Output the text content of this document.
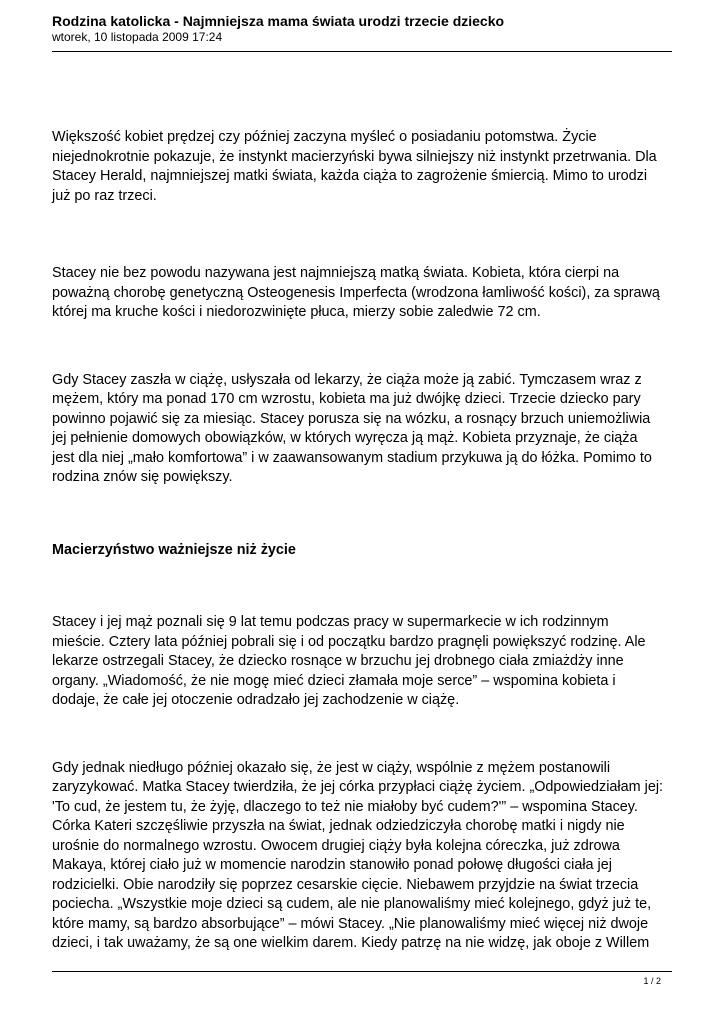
Rodzina katolicka - Najmniejsza mama świata urodzi trzecie dziecko

wtorek, 10 listopada 2009 17:24

Większość kobiet prędzej czy później zaczyna myśleć o posiadaniu potomstwa. Życie
niejednokrotnie pokazuje, że instynkt macierzyński bywa silniejszy niż instynkt przetrwania. Dla
Stacey Herald, najmniejszej matki świata, każda ciąża to zagrożenie śmiercią. Mimo to urodzi
już po raz trzeci.

Stacey nie bez powodu nazywana jest najmniejszą matką świata. Kobieta, która cierpi na
poważną chorobę genetyczną Osteogenesis Imperfecta (wrodzona łamliwość kości), za sprawą
której ma kruche kości i niedorozwinięte płuca, mierzy sobie zaledwie 72 cm.

Gdy Stacey zaszła w ciążę, usłyszała od lekarzy, że ciąża może ją zabić. Tymczasem wraz z
mężem, który ma ponad 170 cm wzrostu, kobieta ma już dwójkę dzieci. Trzecie dziecko pary
powinno pojawić się za miesiąc. Stacey porusza się na wózku, a rosnący brzuch uniemożliwia
jej pełnienie domowych obowiązków, w których wyręcza ją mąż. Kobieta przyznaje, że ciąża
jest dla niej „mało komfortowa” i w zaawansowanym stadium przykuwa ją do łóżka. Pomimo to
rodzina znów się powiększy.

Macierzyństwo ważniejsze niż życie

Stacey i jej mąż poznali się 9 lat temu podczas pracy w supermarkecie w ich rodzinnym
mieście. Cztery lata później pobrali się i od początku bardzo pragnęli powiększyć rodzinę. Ale
lekarze ostrzegali Stacey, że dziecko rosnące w brzuchu jej drobnego ciała zmiażdży inne
organy. „Wiadomość, że nie mogę mieć dzieci złamała moje serce” – wspomina kobieta i
dodaje, że całe jej otoczenie odradzało jej zachodzenie w ciążę.

Gdy jednak niedługo później okazało się, że jest w ciąży, wspólnie z mężem postanowili
zaryzykować. Matka Stacey twierdziła, że jej córka przypłaci ciążę życiem. „Odpowiedziałam jej:
'To cud, że jestem tu, że żyję, dlaczego to też nie miałoby być cudem?'” – wspomina Stacey.
Córka Kateri szczęśliwie przyszła na świat, jednak odziedziczyła chorobę matki i nigdy nie
urośnie do normalnego wzrostu. Owocem drugiej ciąży była kolejna córeczka, już zdrowa
Makaya, której ciało już w momencie narodzin stanowiło ponad połowę długości ciała jej
rodzicielki. Obie narodziły się poprzez cesarskie cięcie. Niebawem przyjdzie na świat trzecia
pociecha. „Wszystkie moje dzieci są cudem, ale nie planowaliśmy mieć kolejnego, gdyż już te,
które mamy, są bardzo absorbujące” – mówi Stacey. „Nie planowaliśmy mieć więcej niż dwoje
dzieci, i tak uważamy, że są one wielkim darem. Kiedy patrzę na nie widzę, jak oboje z Willem

1 / 2
